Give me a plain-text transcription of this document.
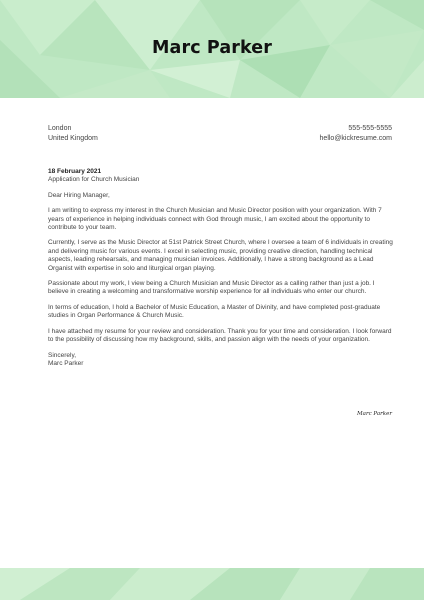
Marc Parker
London
United Kingdom
555-555-5555
hello@kickresume.com
18 February 2021
Application for Church Musician

Dear Hiring Manager,

I am writing to express my interest in the Church Musician and Music Director position with your organization. With 7 years of experience in helping individuals connect with God through music, I am excited about the opportunity to contribute to your team.

Currently, I serve as the Music Director at 51st Patrick Street Church, where I oversee a team of 6 individuals in creating and delivering music for various events. I excel in selecting music, providing creative direction, handling technical aspects, leading rehearsals, and managing musician invoices. Additionally, I have a strong background as a Lead Organist with expertise in solo and liturgical organ playing.

Passionate about my work, I view being a Church Musician and Music Director as a calling rather than just a job. I believe in creating a welcoming and transformative worship experience for all individuals who enter our church.

In terms of education, I hold a Bachelor of Music Education, a Master of Divinity, and have completed post-graduate studies in Organ Performance & Church Music.

I have attached my resume for your review and consideration. Thank you for your time and consideration. I look forward to the possibility of discussing how my background, skills, and passion align with the needs of your organization.

Sincerely,
Marc Parker
Marc Parker
